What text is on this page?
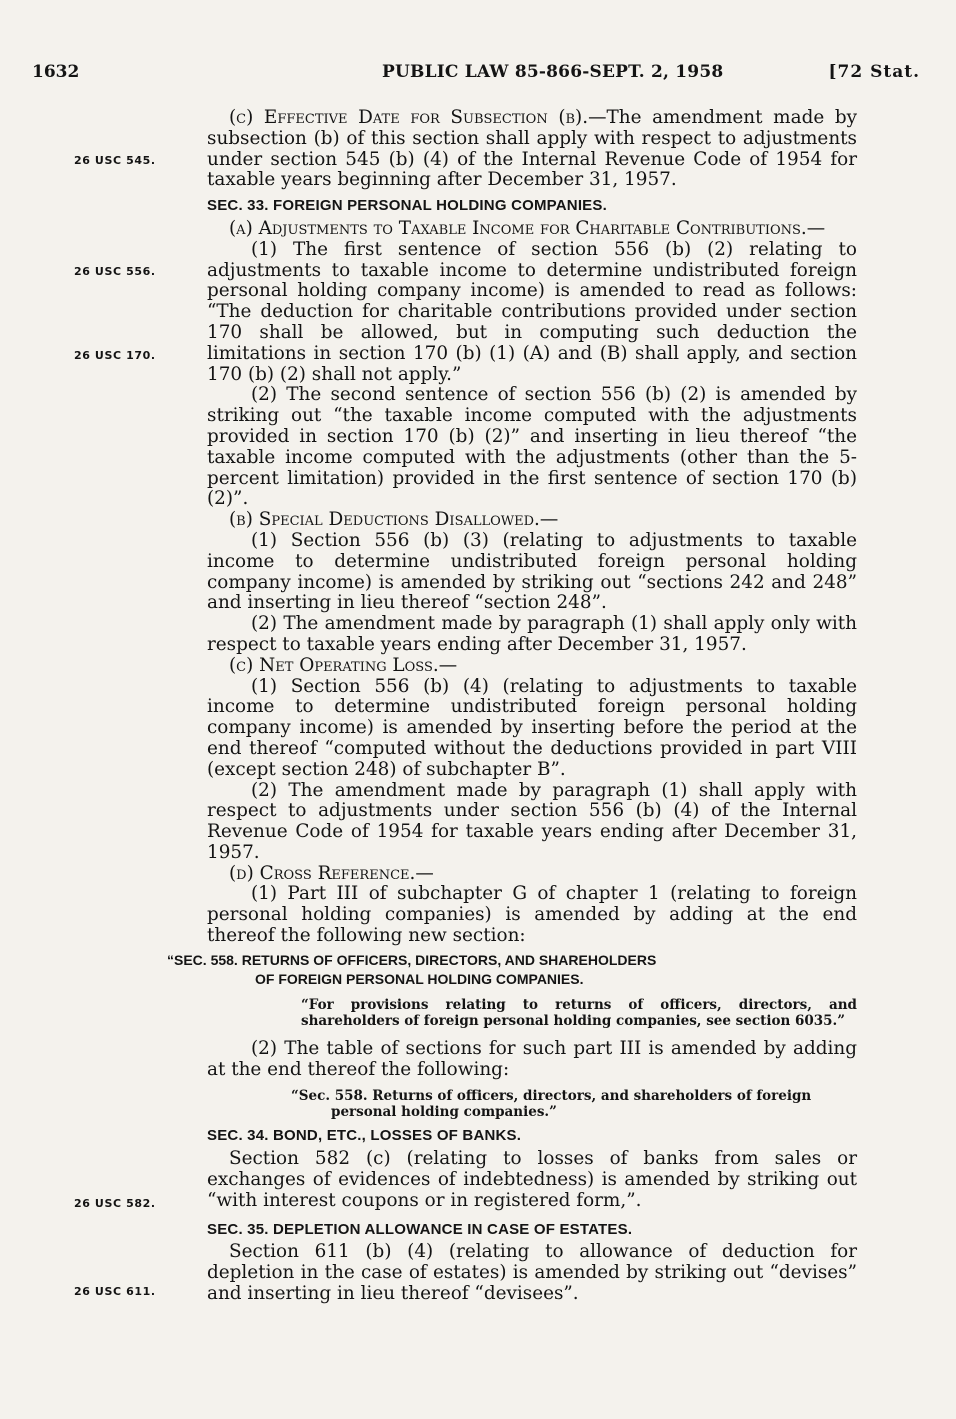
1632	PUBLIC LAW 85-866-SEPT. 2, 1958	[72 Stat.
26 USC 545.
26 USC 556.
26 USC 170.
26 USC 582.
26 USC 611.

(c) Effective Date for Subsection (b).—The amendment made by subsection (b) of this section shall apply with respect to adjustments under section 545 (b) (4) of the Internal Revenue Code of 1954 for taxable years beginning after December 31, 1957.

SEC. 33. FOREIGN PERSONAL HOLDING COMPANIES.

(a) Adjustments to Taxable Income for Charitable Contributions.—

(1) The first sentence of section 556 (b) (2) relating to adjustments to taxable income to determine undistributed foreign personal holding company income) is amended to read as follows: “The deduction for charitable contributions provided under section 170 shall be allowed, but in computing such deduction the limitations in section 170 (b) (1) (A) and (B) shall apply, and section 170 (b) (2) shall not apply.”

(2) The second sentence of section 556 (b) (2) is amended by striking out “the taxable income computed with the adjustments provided in section 170 (b) (2)” and inserting in lieu thereof “the taxable income computed with the adjustments (other than the 5-percent limitation) provided in the first sentence of section 170 (b) (2)”.

(b) Special Deductions Disallowed.—

(1) Section 556 (b) (3) (relating to adjustments to taxable income to determine undistributed foreign personal holding company income) is amended by striking out “sections 242 and 248” and inserting in lieu thereof “section 248”.

(2) The amendment made by paragraph (1) shall apply only with respect to taxable years ending after December 31, 1957.

(c) Net Operating Loss.—

(1) Section 556 (b) (4) (relating to adjustments to taxable income to determine undistributed foreign personal holding company income) is amended by inserting before the period at the end thereof “computed without the deductions provided in part VIII (except section 248) of subchapter B”.

(2) The amendment made by paragraph (1) shall apply with respect to adjustments under section 556 (b) (4) of the Internal Revenue Code of 1954 for taxable years ending after December 31, 1957.

(d) Cross Reference.—

(1) Part III of subchapter G of chapter 1 (relating to foreign personal holding companies) is amended by adding at the end thereof the following new section:

“SEC. 558. RETURNS OF OFFICERS, DIRECTORS, AND SHAREHOLDERS
OF FOREIGN PERSONAL HOLDING COMPANIES.
“For provisions relating to returns of officers, directors, and shareholders of foreign personal holding companies, see section 6035.”

(2) The table of sections for such part III is amended by adding at the end thereof the following:

“Sec. 558. Returns of officers, directors, and shareholders of foreign
personal holding companies.”
SEC. 34. BOND, ETC., LOSSES OF BANKS.

Section 582 (c) (relating to losses of banks from sales or exchanges of evidences of indebtedness) is amended by striking out “with interest coupons or in registered form,”.

SEC. 35. DEPLETION ALLOWANCE IN CASE OF ESTATES.

Section 611 (b) (4) (relating to allowance of deduction for depletion in the case of estates) is amended by striking out “devises” and inserting in lieu thereof “devisees”.
